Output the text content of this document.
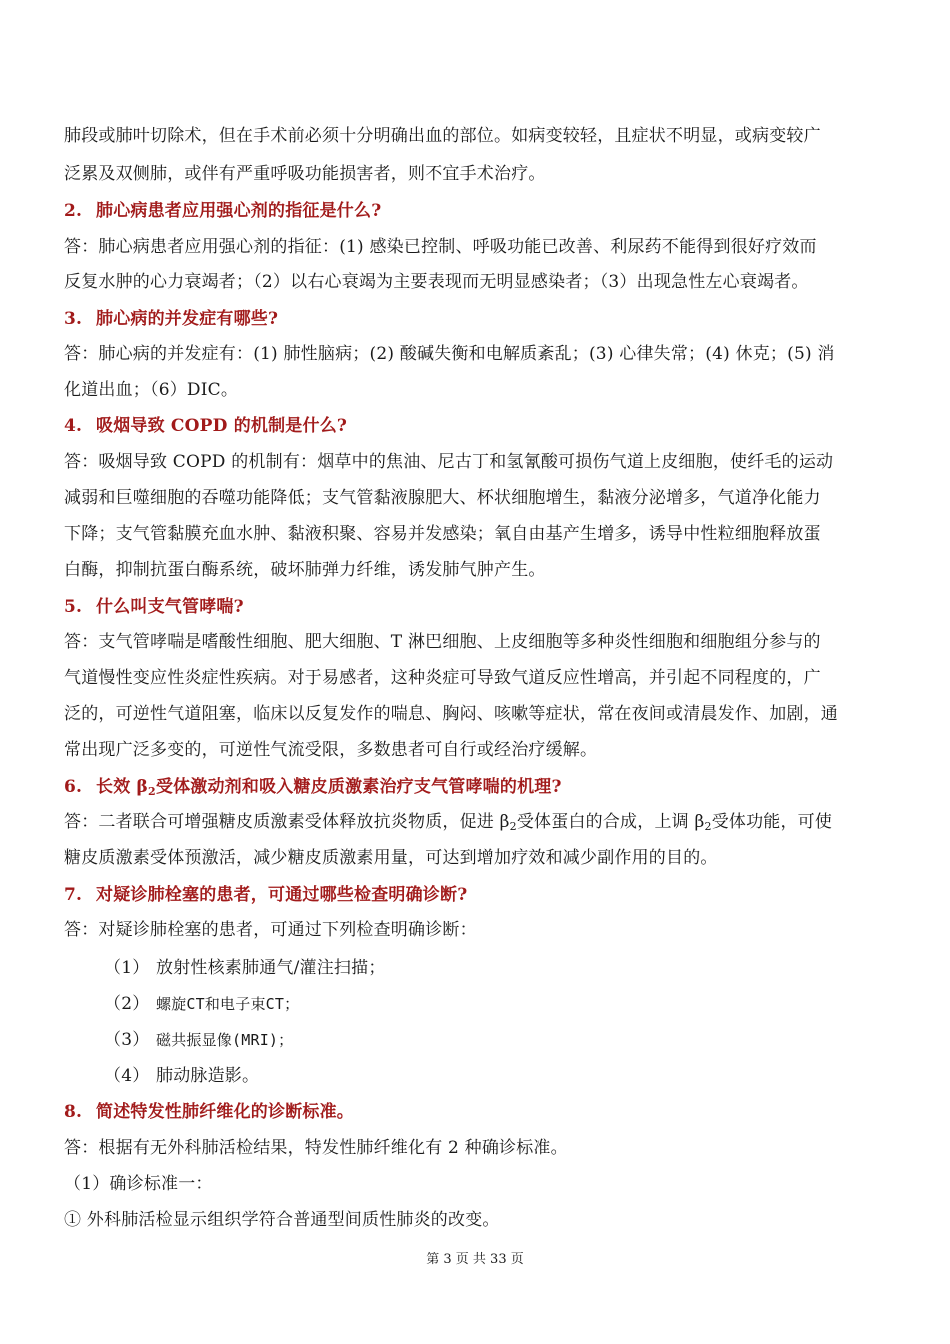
肺段或肺叶切除术，但在手术前必须十分明确出血的部位。如病变较轻，且症状不明显，或病变较广
泛累及双侧肺，或伴有严重呼吸功能损害者，则不宜手术治疗。
2. 肺心病患者应用强心剂的指征是什么?
答：肺心病患者应用强心剂的指征：(1) 感染已控制、呼吸功能已改善、利尿药不能得到很好疗效而
反复水肿的心力衰竭者；（2）以右心衰竭为主要表现而无明显感染者；（3）出现急性左心衰竭者。
3. 肺心病的并发症有哪些?
答：肺心病的并发症有：(1) 肺性脑病；(2) 酸碱失衡和电解质紊乱；(3) 心律失常；(4) 休克；(5) 消
化道出血；（6）DIC。
4. 吸烟导致 COPD 的机制是什么?
答：吸烟导致 COPD 的机制有：烟草中的焦油、尼古丁和氢氰酸可损伤气道上皮细胞，使纤毛的运动
减弱和巨噬细胞的吞噬功能降低；支气管黏液腺肥大、杯状细胞增生，黏液分泌增多，气道净化能力
下降；支气管黏膜充血水肿、黏液积聚、容易并发感染；氧自由基产生增多，诱导中性粒细胞释放蛋
白酶，抑制抗蛋白酶系统，破坏肺弹力纤维，诱发肺气肿产生。
5. 什么叫支气管哮喘?
答：支气管哮喘是嗜酸性细胞、肥大细胞、T 淋巴细胞、上皮细胞等多种炎性细胞和细胞组分参与的
气道慢性变应性炎症性疾病。对于易感者，这种炎症可导致气道反应性增高，并引起不同程度的，广
泛的，可逆性气道阻塞，临床以反复发作的喘息、胸闷、咳嗽等症状，常在夜间或清晨发作、加剧，通
常出现广泛多变的，可逆性气流受限，多数患者可自行或经治疗缓解。
6. 长效 $\beta_2$受体激动剂和吸入糖皮质激素治疗支气管哮喘的机理?
答：二者联合可增强糖皮质激素受体释放抗炎物质，促进 $\beta_2$受体蛋白的合成，上调 $\beta_2$受体功能，可使
糖皮质激素受体预激活，减少糖皮质激素用量，可达到增加疗效和减少副作用的目的。
7. 对疑诊肺栓塞的患者，可通过哪些检查明确诊断?
答：对疑诊肺栓塞的患者，可通过下列检查明确诊断：
（1） 放射性核素肺通气/灌注扫描；
（2） 螺旋CT和电子束CT；
（3） 磁共振显像(MRI)；
（4） 肺动脉造影。
8. 简述特发性肺纤维化的诊断标准。
答：根据有无外科肺活检结果，特发性肺纤维化有 2 种确诊标准。
（1）确诊标准一：
① 外科肺活检显示组织学符合普通型间质性肺炎的改变。
第 3 页 共 33 页
